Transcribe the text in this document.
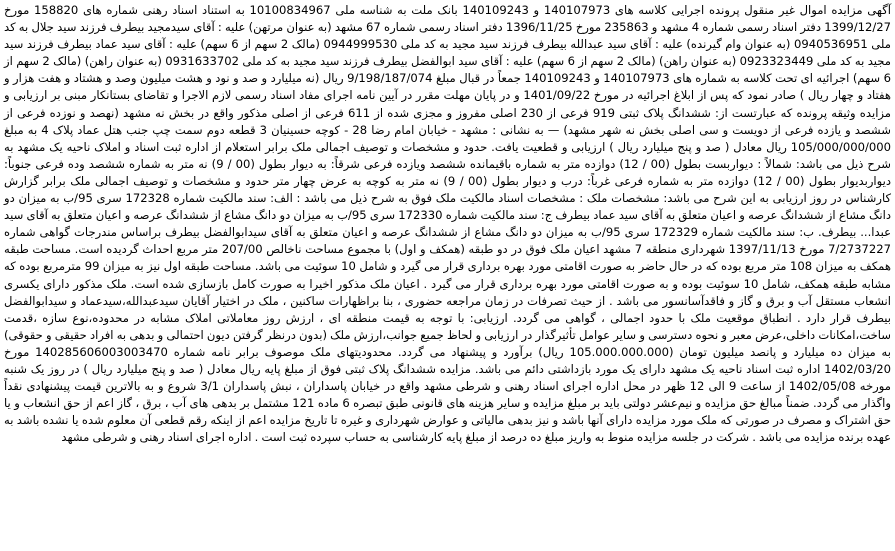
آگهی مزایده اموال غیر منقول پرونده اجرایی کلاسه های 140107973 و 140109243 بانک ملت به شناسه ملی 10100834967 به استناد اسناد رهنی شماره های 158820 مورخ 1399/12/27 دفتر اسناد رسمی شماره 4 مشهد و 235863 مورخ 1396/11/25 دفتر اسناد رسمی شماره 67 مشهد (به عنوان مرتهن) علیه : آقای سیدمجید بیطرف فرزند سید جلال به کد ملی 0940536951 (به عنوان وام گیرنده) علیه : آقای سید عبدالله بیطرف فرزند سید مجید به کد ملی 0944999530 (مالک 2 سهم از 6 سهم) علیه : آقای سید عماد بیطرف فرزند سید مجید به کد ملی 0923323449 (به عنوان راهن) (مالک 2 سهم از 6 سهم) علیه : آقای سید ابوالفضل بیطرف فرزند سید مجید به کد ملی 0931633702 (به عنوان راهن) (مالک 2 سهم از 6 سهم) اجرائیه ای تحت کلاسه به شماره های 140107973 و 140109243 جمعاً در قبال مبلغ 9/198/187/074 ریال (نه میلیارد و صد و نود و هشت میلیون وصد و هشتاد و هفت هزار و هفتاد و چهار ریال ) صادر نمود که پس از ابلاغ اجرائیه در مورخ 1401/09/22 و در پایان مهلت مقرر در آیین نامه اجرای مفاد اسناد رسمی لازم الاجرا و تقاضای بستانکار مبنی بر ارزیابی و مزایده وثیقه پرونده که عبارتست از: ششدانگ پلاک ثبتی 919 فرعی از 230 اصلی مفروز و مجزی شده از 611 فرعی از اصلی مذکور واقع در بخش نه مشهد (نهصد و نوزده فرعی از ششصد و یازده فرعی از دویست و سی اصلی بخش نه شهر مشهد) — به نشانی : مشهد - خیابان امام رضا 28 - کوچه حسینیان 3 قطعه دوم سمت چپ جنب هتل عماد پلاک 4 به مبلغ 105/000/000/000 ریال معادل ( صد و پنج میلیارد ریال ) ارزیابی و قطعیت یافت. حدود و مشخصات و توصیف اجمالی ملک برابر استعلام از اداره ثبت اسناد و املاک ناحیه یک مشهد به شرح ذیل می باشد: شمالاً : دیواربست بطول (00 / 12) دوازده متر به شماره باقیمانده ششصد ویازده فرعی شرقاً: به دیوار بطول (00 / 9) نه متر به شماره ششصد وده فرعی جنوباً: دیواربدیوار بطول (00 / 12) دوازده متر به شماره فرعی غرباً: درب و دیوار بطول (00 / 9) نه متر به کوچه به عرض چهار متر حدود و مشخصات و توصیف اجمالی ملک برابر گزارش کارشناس در روز ارزیابی به این شرح می باشد: مشخصات ملک : مشخصات اسناد مالکیت ملک فوق به شرح ذیل می باشد : الف: سند مالکیت شماره 172328 سری 95/ب به میزان دو دانگ مشاع از ششدانگ عرصه و اعیان متعلق به آقای سید عماد بیطرف ج: سند مالکیت شماره 172330 سری 95/ب به میزان دو دانگ مشاع از ششدانگ عرصه و اعیان متعلق به آقای سید عبدا... بیطرف. ب: سند مالکیت شماره 172329 سری 95/ب به میزان دو دانگ مشاع از ششدانگ عرصه و اعیان متعلق به آقای سیدابوالفضل بیطرف براساس مندرجات گواهی شماره 7/2737227 مورخ 1397/11/13 شهرداری منطقه 7 مشهد اعیان ملک فوق در دو طبقه (همکف و اول) با مجموع مساحت ناخالص 207/00 متر مربع احداث گردیده است. مساحت طبقه همکف به میزان 108 متر مربع بوده که در حال حاضر به صورت اقامتی مورد بهره برداری قرار می گیرد و شامل 10 سوئیت می باشد. مساحت طبقه اول نیز به میزان 99 مترمربع بوده که مشابه طبقه همکف، شامل 10 سوئیت بوده و به صورت اقامتی مورد بهره برداری قرار می گیرد . اعیان ملک مذکور اخیرا به صورت کامل بازسازی شده است. ملک مذکور دارای یکسری انشعاب مستقل آب و برق و گاز و فاقدآسانسور می باشد . از حیث تصرفات در زمان مراجعه حضوری ، بنا براظهارات ساکنین ، ملک در اختیار آقایان سیدعبدالله،سیدعماد و سیدابوالفضل بیطرف قرار دارد . انطباق موقعیت ملک با حدود اجمالی ، گواهی می گردد. ارزیابی: با توجه به قیمت منطقه ای ، ارزش روز معاملاتی املاک مشابه در محدوده،نوع سازه ،قدمت ساخت،امکانات داخلی،عرض معبر و نحوه دسترسی و سایر عوامل تأثیرگذار در ارزیابی و لحاظ جمیع جوانب،ارزش ملک (بدون درنظر گرفتن دیون احتمالی و بدهی به افراد حقیقی و حقوقی) به میزان ده میلیارد و پانصد میلیون تومان (105.000.000.000 ریال) برآورد و پیشنهاد می گردد. محدودیتهای ملک موصوف برابر نامه شماره 140285606003003470 مورخ 1402/03/20 اداره ثبت اسناد ناحیه یک مشهد دارای یک مورد بازداشتی دائم می باشد. مزایده ششدانگ پلاک ثبتی فوق از مبلغ پایه ریال معادل ( صد و پنج میلیارد ریال ) در روز یک شنبه مورخه 1402/05/08 از ساعت 9 الی 12 ظهر در محل اداره اجرای اسناد رهنی و شرطی مشهد واقع در خیابان پاسداران ، نبش پاسداران 3/1 شروع و به بالاترین قیمت پیشنهادی نقداً واگذار می گردد. ضمناً مبالغ حق مزایده و نیم‌عشر دولتی باید بر مبلغ مزایده و سایر هزینه های قانونی طبق تبصره 6 ماده 121 مشتمل بر بدهی های آب ، برق ، گاز اعم از حق انشعاب و یا حق اشتراک و مصرف در صورتی که ملک مورد مزایده دارای آنها باشد و نیز بدهی مالیاتی و عوارض شهرداری و غیره تا تاریخ مزایده اعم از اینکه رقم قطعی آن معلوم شده یا نشده باشد به عهده برنده مزایده می باشد . شرکت در جلسه مزایده منوط به واریز مبلغ ده درصد از مبلغ پایه کارشناسی به حساب سپرده ثبت است . اداره اجرای اسناد رهنی و شرطی مشهد
